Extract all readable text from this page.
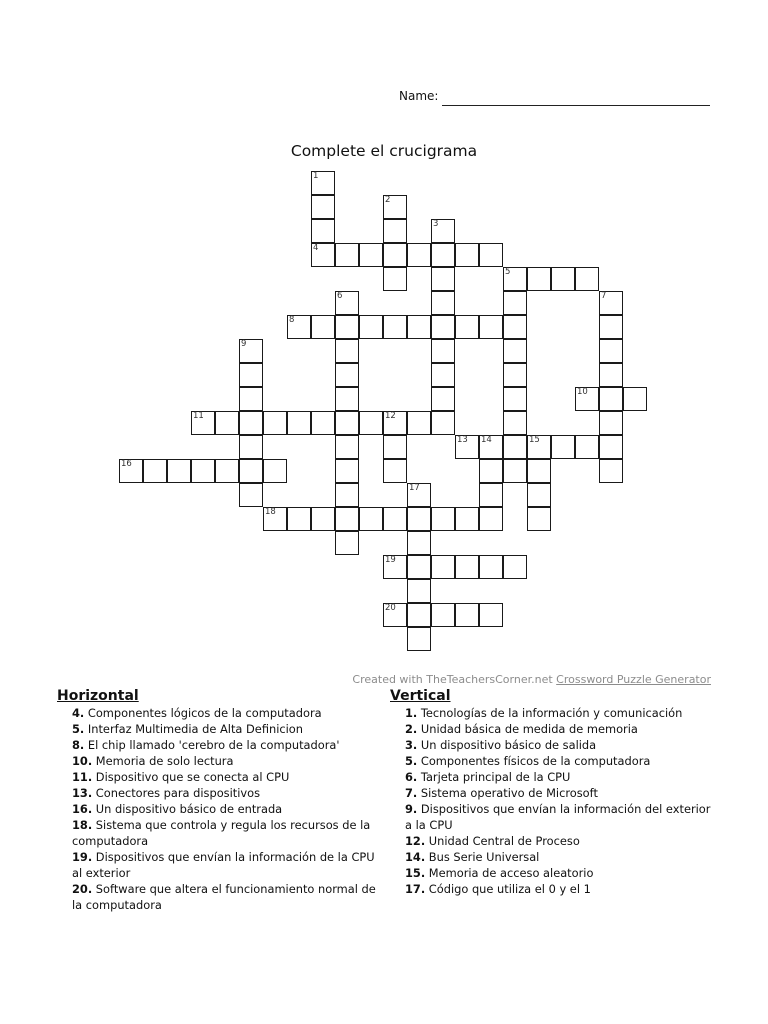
Name:
Complete el crucigrama
1
4
2
3
5
6	7
8
9
10
11	12
13 14	15
16
17
18
19
20
Created with TheTeachersCorner.net Crossword Puzzle Generator
Horizontal
4. Componentes lógicos de la computadora
5. Interfaz Multimedia de Alta Definicion
8. El chip llamado 'cerebro de la computadora'
10. Memoria de solo lectura
11. Dispositivo que se conecta al CPU
13. Conectores para dispositivos
16. Un dispositivo básico de entrada
18. Sistema que controla y regula los recursos de la computadora
19. Dispositivos que envían la información de la CPU al exterior
20. Software que altera el funcionamiento normal de la computadora
Vertical
1. Tecnologías de la información y comunicación
2. Unidad básica de medida de memoria
3. Un dispositivo básico de salida
5. Componentes físicos de la computadora
6. Tarjeta principal de la CPU
7. Sistema operativo de Microsoft
9. Dispositivos que envían la información del exterior a la CPU
12. Unidad Central de Proceso
14. Bus Serie Universal
15. Memoria de acceso aleatorio
17. Código que utiliza el 0 y el 1
